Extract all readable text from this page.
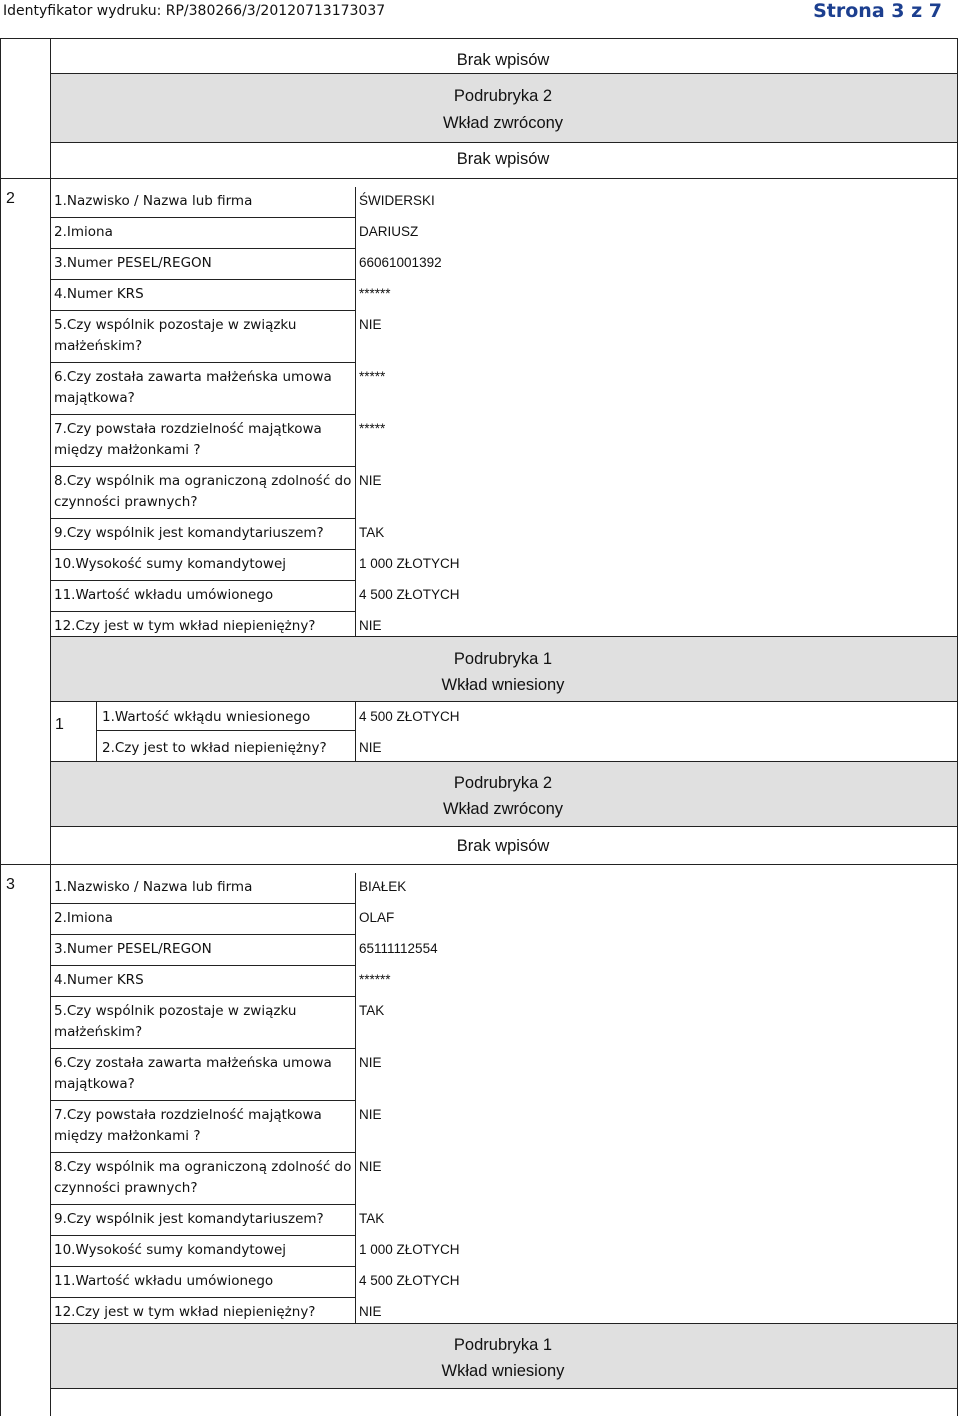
Identyfikator wydruku: RP/380266/3/20120713173037	Strona 3 z 7
Brak wpisów
Podrubryka 2
Wkład zwrócony
Brak wpisów
2	1.Nazwisko / Nazwa lub firma	ŚWIDERSKI
2.Imiona	DARIUSZ
3.Numer PESEL/REGON	66061001392
4.Numer KRS	******
5.Czy wspólnik pozostaje w związku
małżeńskim?
NIE
6.Czy została zawarta małżeńska umowa
majątkowa?
*****
7.Czy powstała rozdzielność majątkowa
między małżonkami ?
*****
8.Czy wspólnik ma ograniczoną zdolność do
czynności prawnych?
NIE
9.Czy wspólnik jest komandytariuszem?	TAK
10.Wysokość sumy komandytowej	1 000 ZŁOTYCH
11.Wartość wkładu umówionego	4 500 ZŁOTYCH
12.Czy jest w tym wkład niepieniężny?	NIE
Podrubryka 1
Wkład wniesiony
1	1.Wartość wkłądu wniesionego	4 500 ZŁOTYCH
2.Czy jest to wkład niepieniężny? NIE
Podrubryka 2
Wkład zwrócony
Brak wpisów
3	1.Nazwisko / Nazwa lub firma	BIAŁEK
2.Imiona	OLAF
3.Numer PESEL/REGON	65111112554
4.Numer KRS	******
5.Czy wspólnik pozostaje w związku
małżeńskim?
TAK
6.Czy została zawarta małżeńska umowa
majątkowa?
NIE
7.Czy powstała rozdzielność majątkowa
między małżonkami ?
NIE
8.Czy wspólnik ma ograniczoną zdolność do
czynności prawnych?
NIE
9.Czy wspólnik jest komandytariuszem?	TAK
10.Wysokość sumy komandytowej	1 000 ZŁOTYCH
11.Wartość wkładu umówionego	4 500 ZŁOTYCH
12.Czy jest w tym wkład niepieniężny?	NIE
Podrubryka 1
Wkład wniesiony
